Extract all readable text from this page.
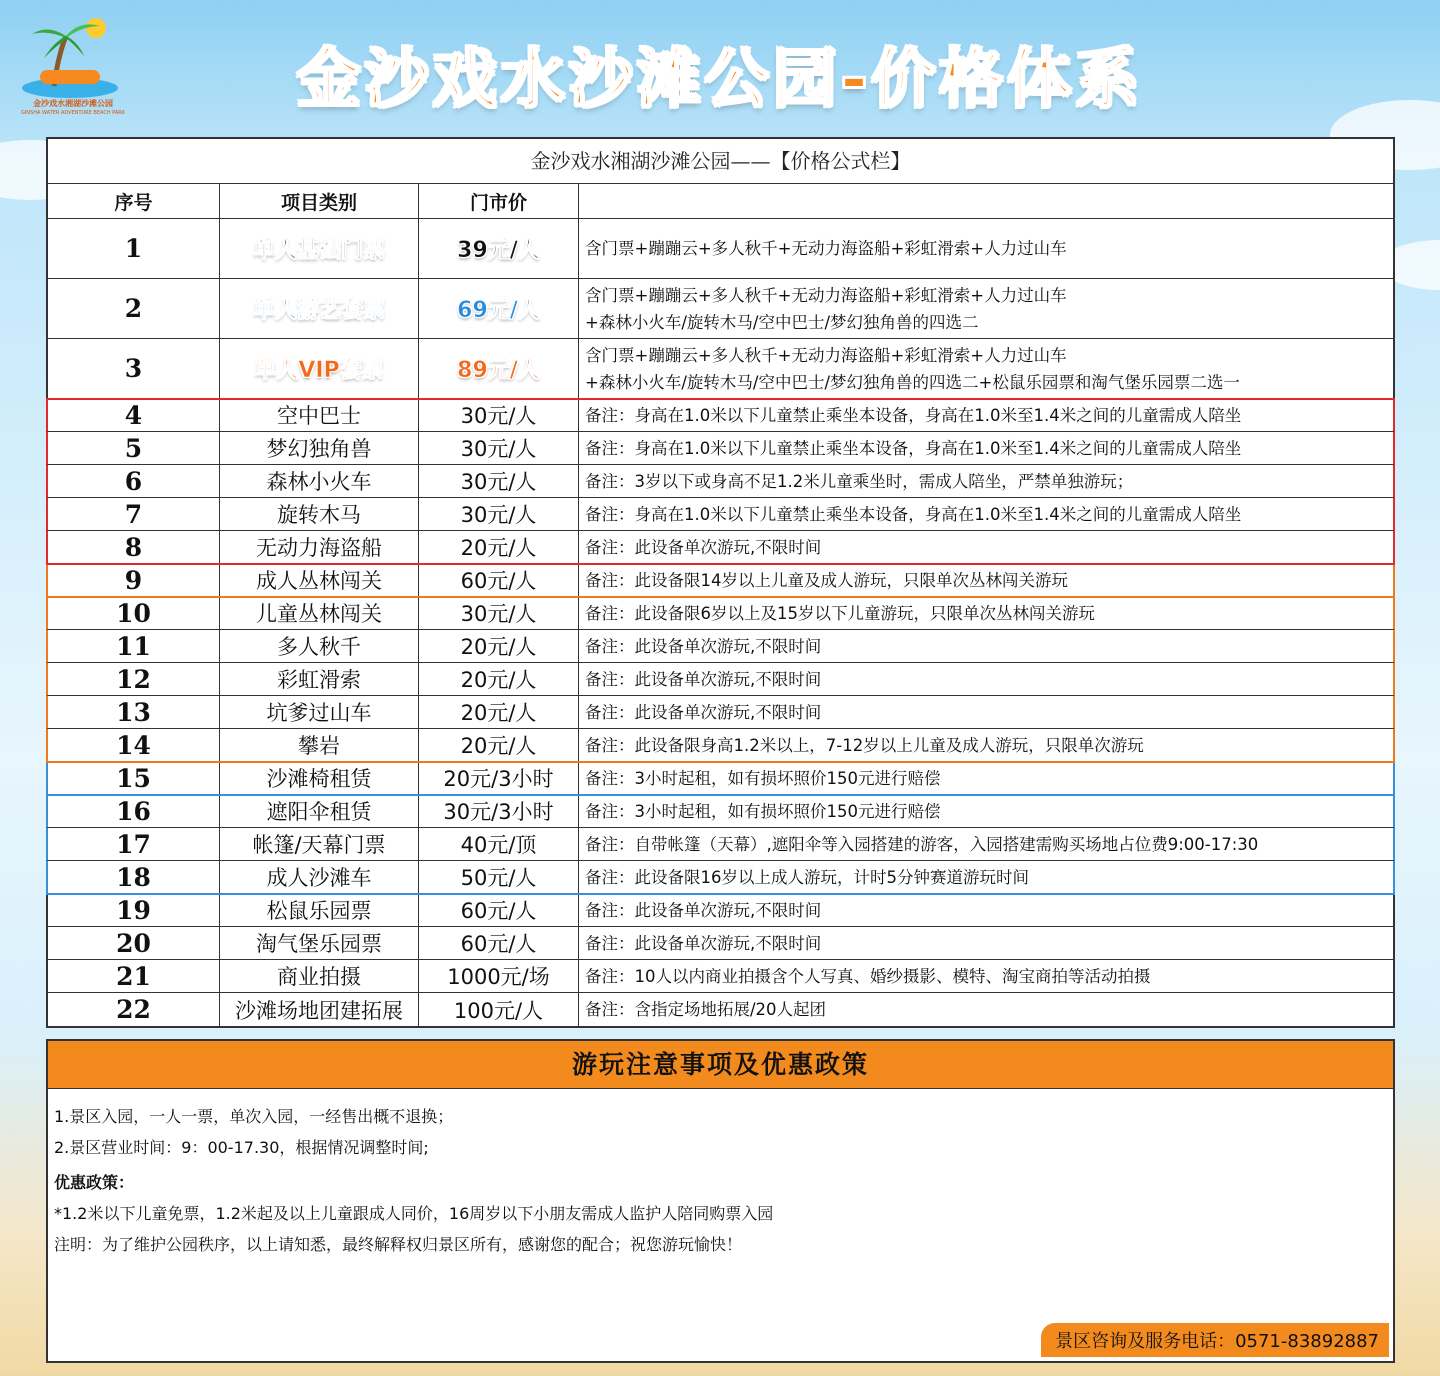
金沙戏水湘湖沙滩公园
GINSHA WATER ADVENTURE BEACH PARK	金沙戏水沙滩公园-价格体系
金沙戏水湘湖沙滩公园——【价格公式栏】
序号	项目类别	门市价
1	单人基础门票	39元/人	含门票+蹦蹦云+多人秋千+无动力海盗船+彩虹滑索+人力过山车
2	单人游艺套票	69元/人
含门票+蹦蹦云+多人秋千+无动力海盗船+彩虹滑索+人力过山车
+森林小火车/旋转木马/空中巴士/梦幻独角兽的四选二
3	单人VIP套票	89元/人
含门票+蹦蹦云+多人秋千+无动力海盗船+彩虹滑索+人力过山车
+森林小火车/旋转木马/空中巴士/梦幻独角兽的四选二+松鼠乐园票和淘气堡乐园票二选一
4	空中巴士	30元/人	备注：身高在1.0米以下儿童禁止乘坐本设备，身高在1.0米至1.4米之间的儿童需成人陪坐
5	梦幻独角兽	30元/人	备注：身高在1.0米以下儿童禁止乘坐本设备，身高在1.0米至1.4米之间的儿童需成人陪坐
6	森林小火车	30元/人	备注：3岁以下或身高不足1.2米儿童乘坐时，需成人陪坐，严禁单独游玩；
7	旋转木马	30元/人	备注：身高在1.0米以下儿童禁止乘坐本设备，身高在1.0米至1.4米之间的儿童需成人陪坐
8	无动力海盗船	20元/人	备注：此设备单次游玩,不限时间
9	成人丛林闯关	60元/人	备注：此设备限14岁以上儿童及成人游玩，只限单次丛林闯关游玩
10	儿童丛林闯关	30元/人	备注：此设备限6岁以上及15岁以下儿童游玩，只限单次丛林闯关游玩
11	多人秋千	20元/人	备注：此设备单次游玩,不限时间
12	彩虹滑索	20元/人	备注：此设备单次游玩,不限时间
13	坑爹过山车	20元/人	备注：此设备单次游玩,不限时间
14	攀岩	20元/人	备注：此设备限身高1.2米以上，7-12岁以上儿童及成人游玩，只限单次游玩
15	沙滩椅租赁	20元/3小时 备注：3小时起租，如有损坏照价150元进行赔偿
16	遮阳伞租赁	30元/3小时 备注：3小时起租，如有损坏照价150元进行赔偿
17	帐篷/天幕门票	40元/顶	备注：自带帐篷（天幕）,遮阳伞等入园搭建的游客，入园搭建需购买场地占位费9:00-17:30
18	成人沙滩车	50元/人	备注：此设备限16岁以上成人游玩，计时5分钟赛道游玩时间
19	松鼠乐园票	60元/人	备注：此设备单次游玩,不限时间
20	淘气堡乐园票	60元/人	备注：此设备单次游玩,不限时间
21	商业拍摄	1000元/场 备注：10人以内商业拍摄含个人写真、婚纱摄影、模特、淘宝商拍等活动拍摄
22	沙滩场地团建拓展 100元/人	备注：含指定场地拓展/20人起团
游玩注意事项及优惠政策
1.景区入园，一人一票，单次入园，一经售出概不退换；
2.景区营业时间：9：00-17.30，根据情况调整时间;
优惠政策：
*1.2米以下儿童免票，1.2米起及以上儿童跟成人同价，16周岁以下小朋友需成人监护人陪同购票入园
注明：为了维护公园秩序，以上请知悉，最终解释权归景区所有，感谢您的配合；祝您游玩愉快！
景区咨询及服务电话：0571-83892887
